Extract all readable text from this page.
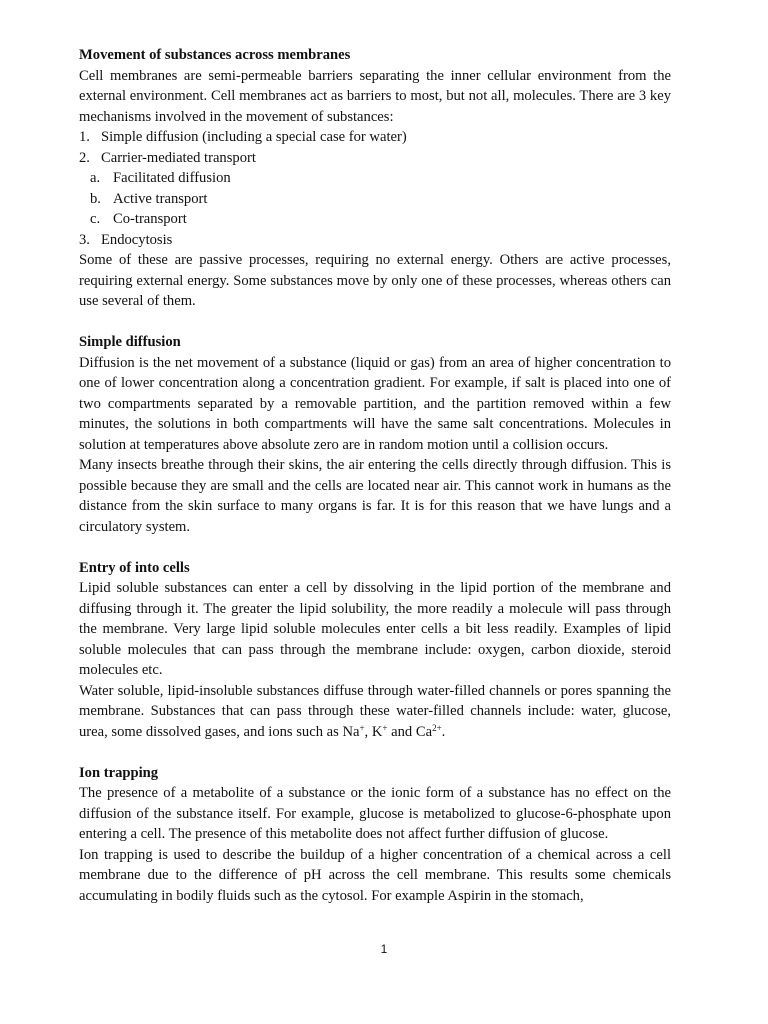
Movement of substances across membranes

Cell membranes are semi-permeable barriers separating the inner cellular environment from the external environment. Cell membranes act as barriers to most, but not all, molecules. There are 3 key mechanisms involved in the movement of substances:

1. Simple diffusion (including a special case for water)
2. Carrier-mediated transport
a. Facilitated diffusion
b. Active transport
c. Co-transport
3. Endocytosis

Some of these are passive processes, requiring no external energy. Others are active processes, requiring external energy. Some substances move by only one of these processes, whereas others can use several of them.

Simple diffusion

Diffusion is the net movement of a substance (liquid or gas) from an area of higher concentration to one of lower concentration along a concentration gradient. For example, if salt is placed into one of two compartments separated by a removable partition, and the partition removed within a few minutes, the solutions in both compartments will have the same salt concentrations. Molecules in solution at temperatures above absolute zero are in random motion until a collision occurs.

Many insects breathe through their skins, the air entering the cells directly through diffusion. This is possible because they are small and the cells are located near air. This cannot work in humans as the distance from the skin surface to many organs is far. It is for this reason that we have lungs and a circulatory system.

Entry of into cells

Lipid soluble substances can enter a cell by dissolving in the lipid portion of the membrane and diffusing through it. The greater the lipid solubility, the more readily a molecule will pass through the membrane. Very large lipid soluble molecules enter cells a bit less readily. Examples of lipid soluble molecules that can pass through the membrane include: oxygen, carbon dioxide, steroid molecules etc.

Water soluble, lipid-insoluble substances diffuse through water-filled channels or pores spanning the membrane. Substances that can pass through these water-filled channels include: water, glucose, urea, some dissolved gases, and ions such as Na+, K+ and $Ca^{2+}$.

Ion trapping

The presence of a metabolite of a substance or the ionic form of a substance has no effect on the diffusion of the substance itself. For example, glucose is metabolized to glucose-6-phosphate upon entering a cell. The presence of this metabolite does not affect further diffusion of glucose.

Ion trapping is used to describe the buildup of a higher concentration of a chemical across a cell membrane due to the difference of pH across the cell membrane. This results some chemicals accumulating in bodily fluids such as the cytosol. For example Aspirin in the stomach,

1
